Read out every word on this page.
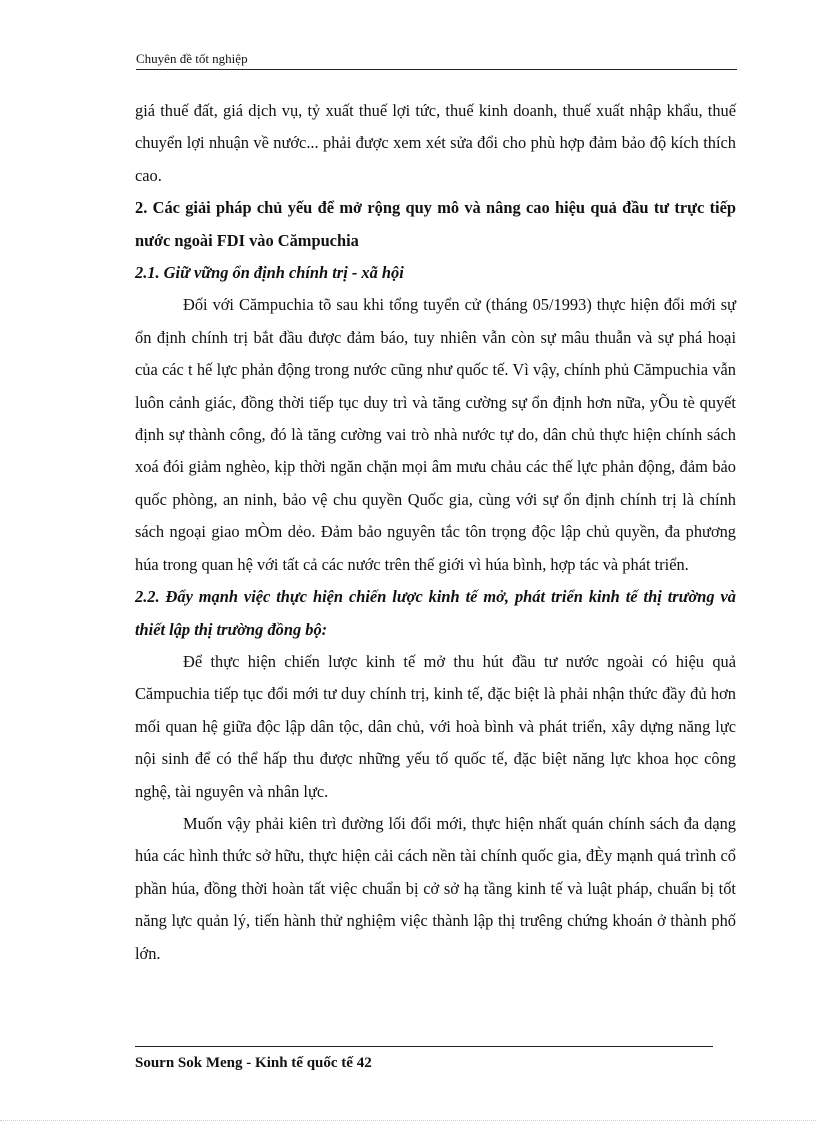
Chuyên đề tốt nghiệp

giá thuế đất, giá dịch vụ, tỷ xuất thuế lợi tức, thuế kinh doanh, thuế xuất nhập khẩu, thuế chuyển lợi nhuận về nước... phải được xem xét sửa đổi cho phù hợp đảm bảo độ kích thích cao.

2. Các giải pháp chủ yếu để mở rộng quy mô và nâng cao hiệu quả đầu tư trực tiếp nước ngoài FDI vào Cămpuchia

2.1. Giữ vững ổn định chính trị - xã hội

Đối với Cămpuchia tõ sau khi tổng tuyển cử (tháng 05/1993) thực hiện đổi mới sự ổn định chính trị bắt đầu được đảm báo, tuy nhiên vẫn còn sự mâu thuẫn và sự phá hoại của các t hế lực phản động trong nước cũng như quốc tế. Vì vậy, chính phủ Cămpuchia vẫn luôn cảnh giác, đồng thời tiếp tục duy trì và tăng cường sự ổn định hơn nữa, yÕu tè quyết định sự thành công, đó là tăng cường vai trò nhà nước tự do, dân chủ thực hiện chính sách xoá đói giảm nghèo, kịp thời ngăn chặn mọi âm mưu chảu các thế lực phản động, đảm bảo quốc phòng, an ninh, bảo vệ chu quyền Quốc gia, cùng với sự ổn định chính trị là chính sách ngoại giao mÒm dẻo. Đảm bảo nguyên tắc tôn trọng độc lập chủ quyền, đa phương húa trong quan hệ với tất cả các nước trên thế giới vì húa bình, hợp tác và phát triển.

2.2. Đẩy mạnh việc thực hiện chiến lược kinh tế mở, phát triển kinh tế thị trường và thiết lập thị trường đồng bộ:

Để thực hiện chiến lược kinh tế mở thu hút đầu tư nước ngoài có hiệu quả Cămpuchia tiếp tục đổi mới tư duy chính trị, kinh tế, đặc biệt là phải nhận thức đầy đủ hơn mối quan hệ giữa độc lập dân tộc, dân chủ, với hoà bình và phát triển, xây dựng năng lực nội sinh để có thể hấp thu được những yếu tố quốc tế, đặc biệt năng lực khoa học công nghệ, tài nguyên và nhân lực.

Muốn vậy phải kiên trì đường lối đổi mới, thực hiện nhất quán chính sách đa dạng húa các hình thức sở hữu, thực hiện cải cách nền tài chính quốc gia, đÈy mạnh quá trình cổ phần húa, đồng thời hoàn tất việc chuẩn bị cở sở hạ tầng kinh tế và luật pháp, chuẩn bị tốt năng lực quản lý, tiến hành thử nghiệm việc thành lập thị trưêng chứng khoán ở thành phố lớn.

Sourn Sok Meng - Kinh tế quốc tế 42
